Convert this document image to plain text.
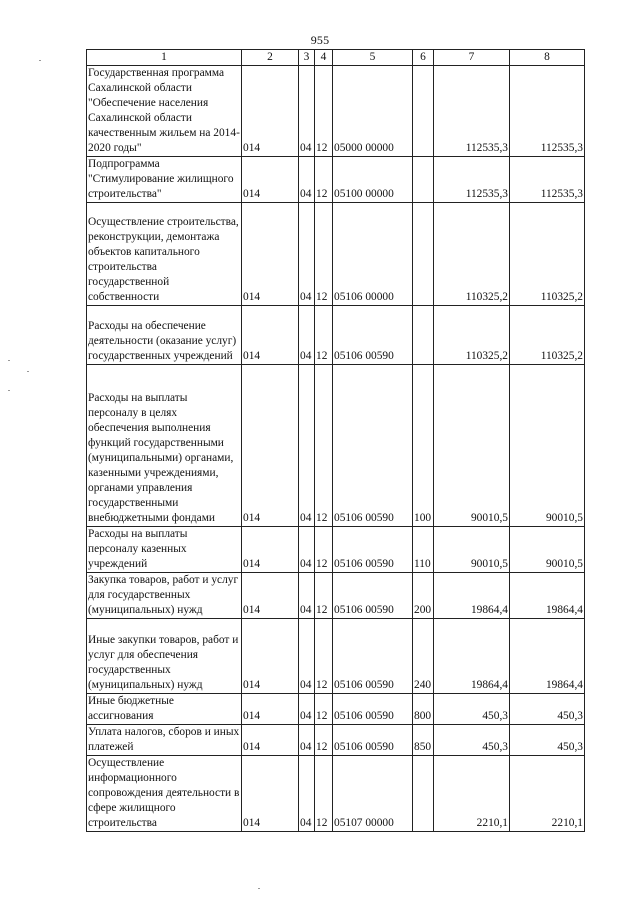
955
1	2	3	4	5	6	7	8
Государственная программа Сахалинской области "Обеспечение населения Сахалинской области качественным жильем на 2014-2020 годы"	014	04	12	05000 00000		112535,3	112535,3
Подпрограмма "Стимулирование жилищного строительства"	014	04	12	05100 00000		112535,3	112535,3
Осуществление строительства, реконструкции, демонтажа объектов капитального строительства государственной собственности	014	04	12	05106 00000		110325,2	110325,2
Расходы на обеспечение деятельности (оказание услуг) государственных учреждений	014	04	12	05106 00590		110325,2	110325,2
Расходы на выплаты персоналу в целях обеспечения выполнения функций государственными (муниципальными) органами, казенными учреждениями, органами управления государственными внебюджетными фондами	014	04	12	05106 00590	100	90010,5	90010,5
Расходы на выплаты персоналу казенных учреждений	014	04	12	05106 00590	110	90010,5	90010,5
Закупка товаров, работ и услуг для государственных (муниципальных) нужд	014	04	12	05106 00590	200	19864,4	19864,4
Иные закупки товаров, работ и услуг для обеспечения государственных (муниципальных) нужд	014	04	12	05106 00590	240	19864,4	19864,4
Иные бюджетные ассигнования	014	04	12	05106 00590	800	450,3	450,3
Уплата налогов, сборов и иных платежей	014	04	12	05106 00590	850	450,3	450,3
Осуществление информационного сопровождения деятельности в сфере жилищного строительства	014	04	12	05107 00000		2210,1	2210,1
